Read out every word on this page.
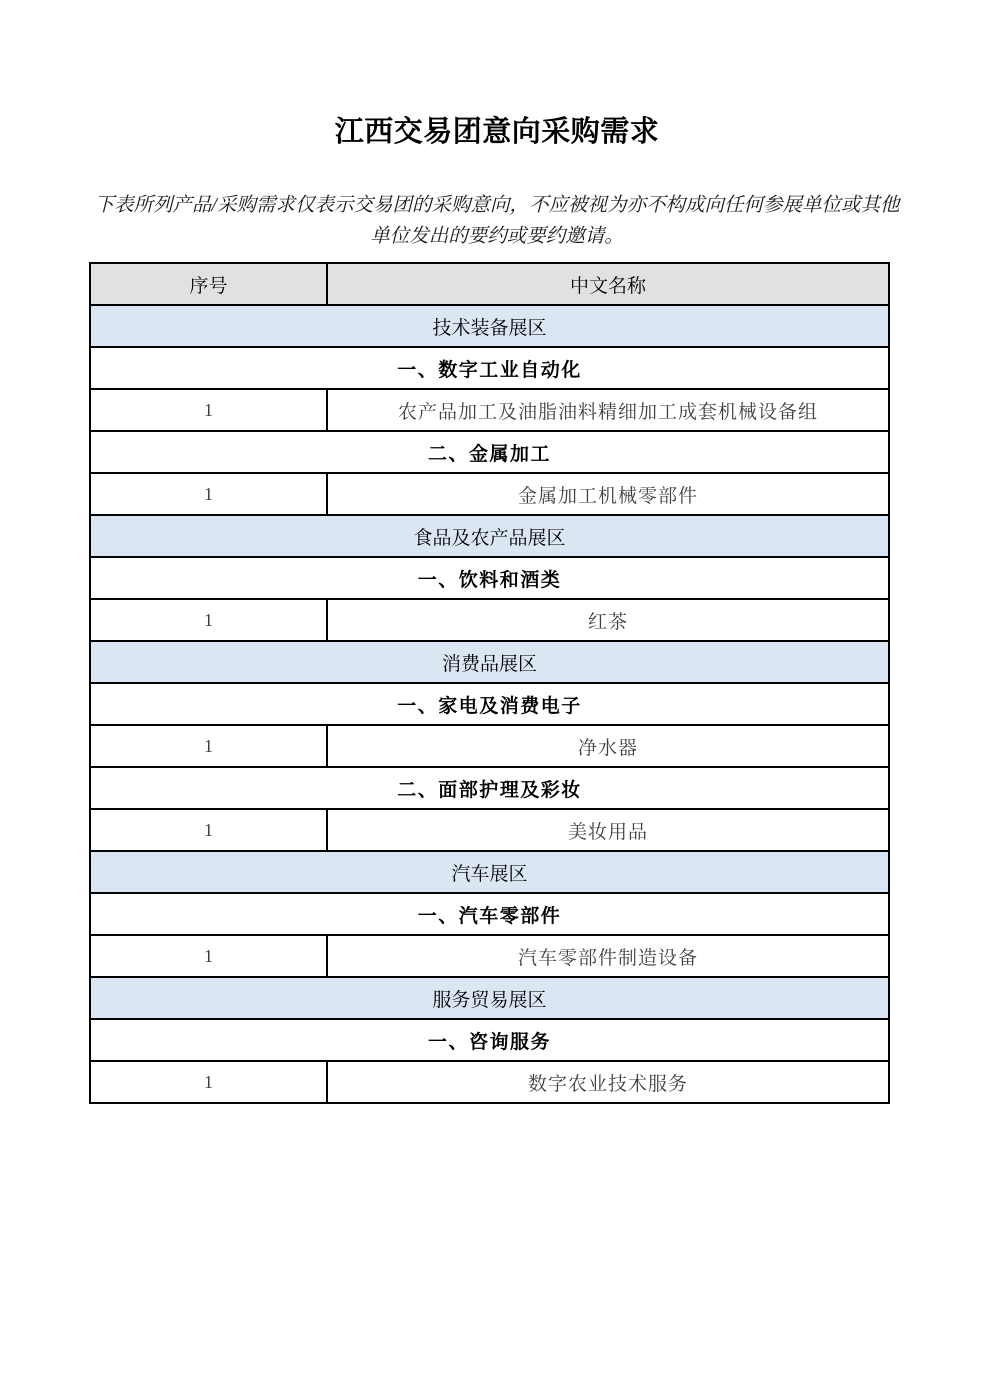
江西交易团意向采购需求

下表所列产品/采购需求仅表示交易团的采购意向，不应被视为亦不构成向任何参展单位或其他单位发出的要约或要约邀请。

序号	中文名称
技术装备展区	
一、数字工业自动化	
1	农产品加工及油脂油料精细加工成套机械设备组
二、金属加工	
1	金属加工机械零部件
食品及农产品展区	
一、饮料和酒类	
1	红茶
消费品展区	
一、家电及消费电子	
1	净水器
二、面部护理及彩妆	
1	美妆用品
汽车展区	
一、汽车零部件	
1	汽车零部件制造设备
服务贸易展区	
一、咨询服务	
1	数字农业技术服务
